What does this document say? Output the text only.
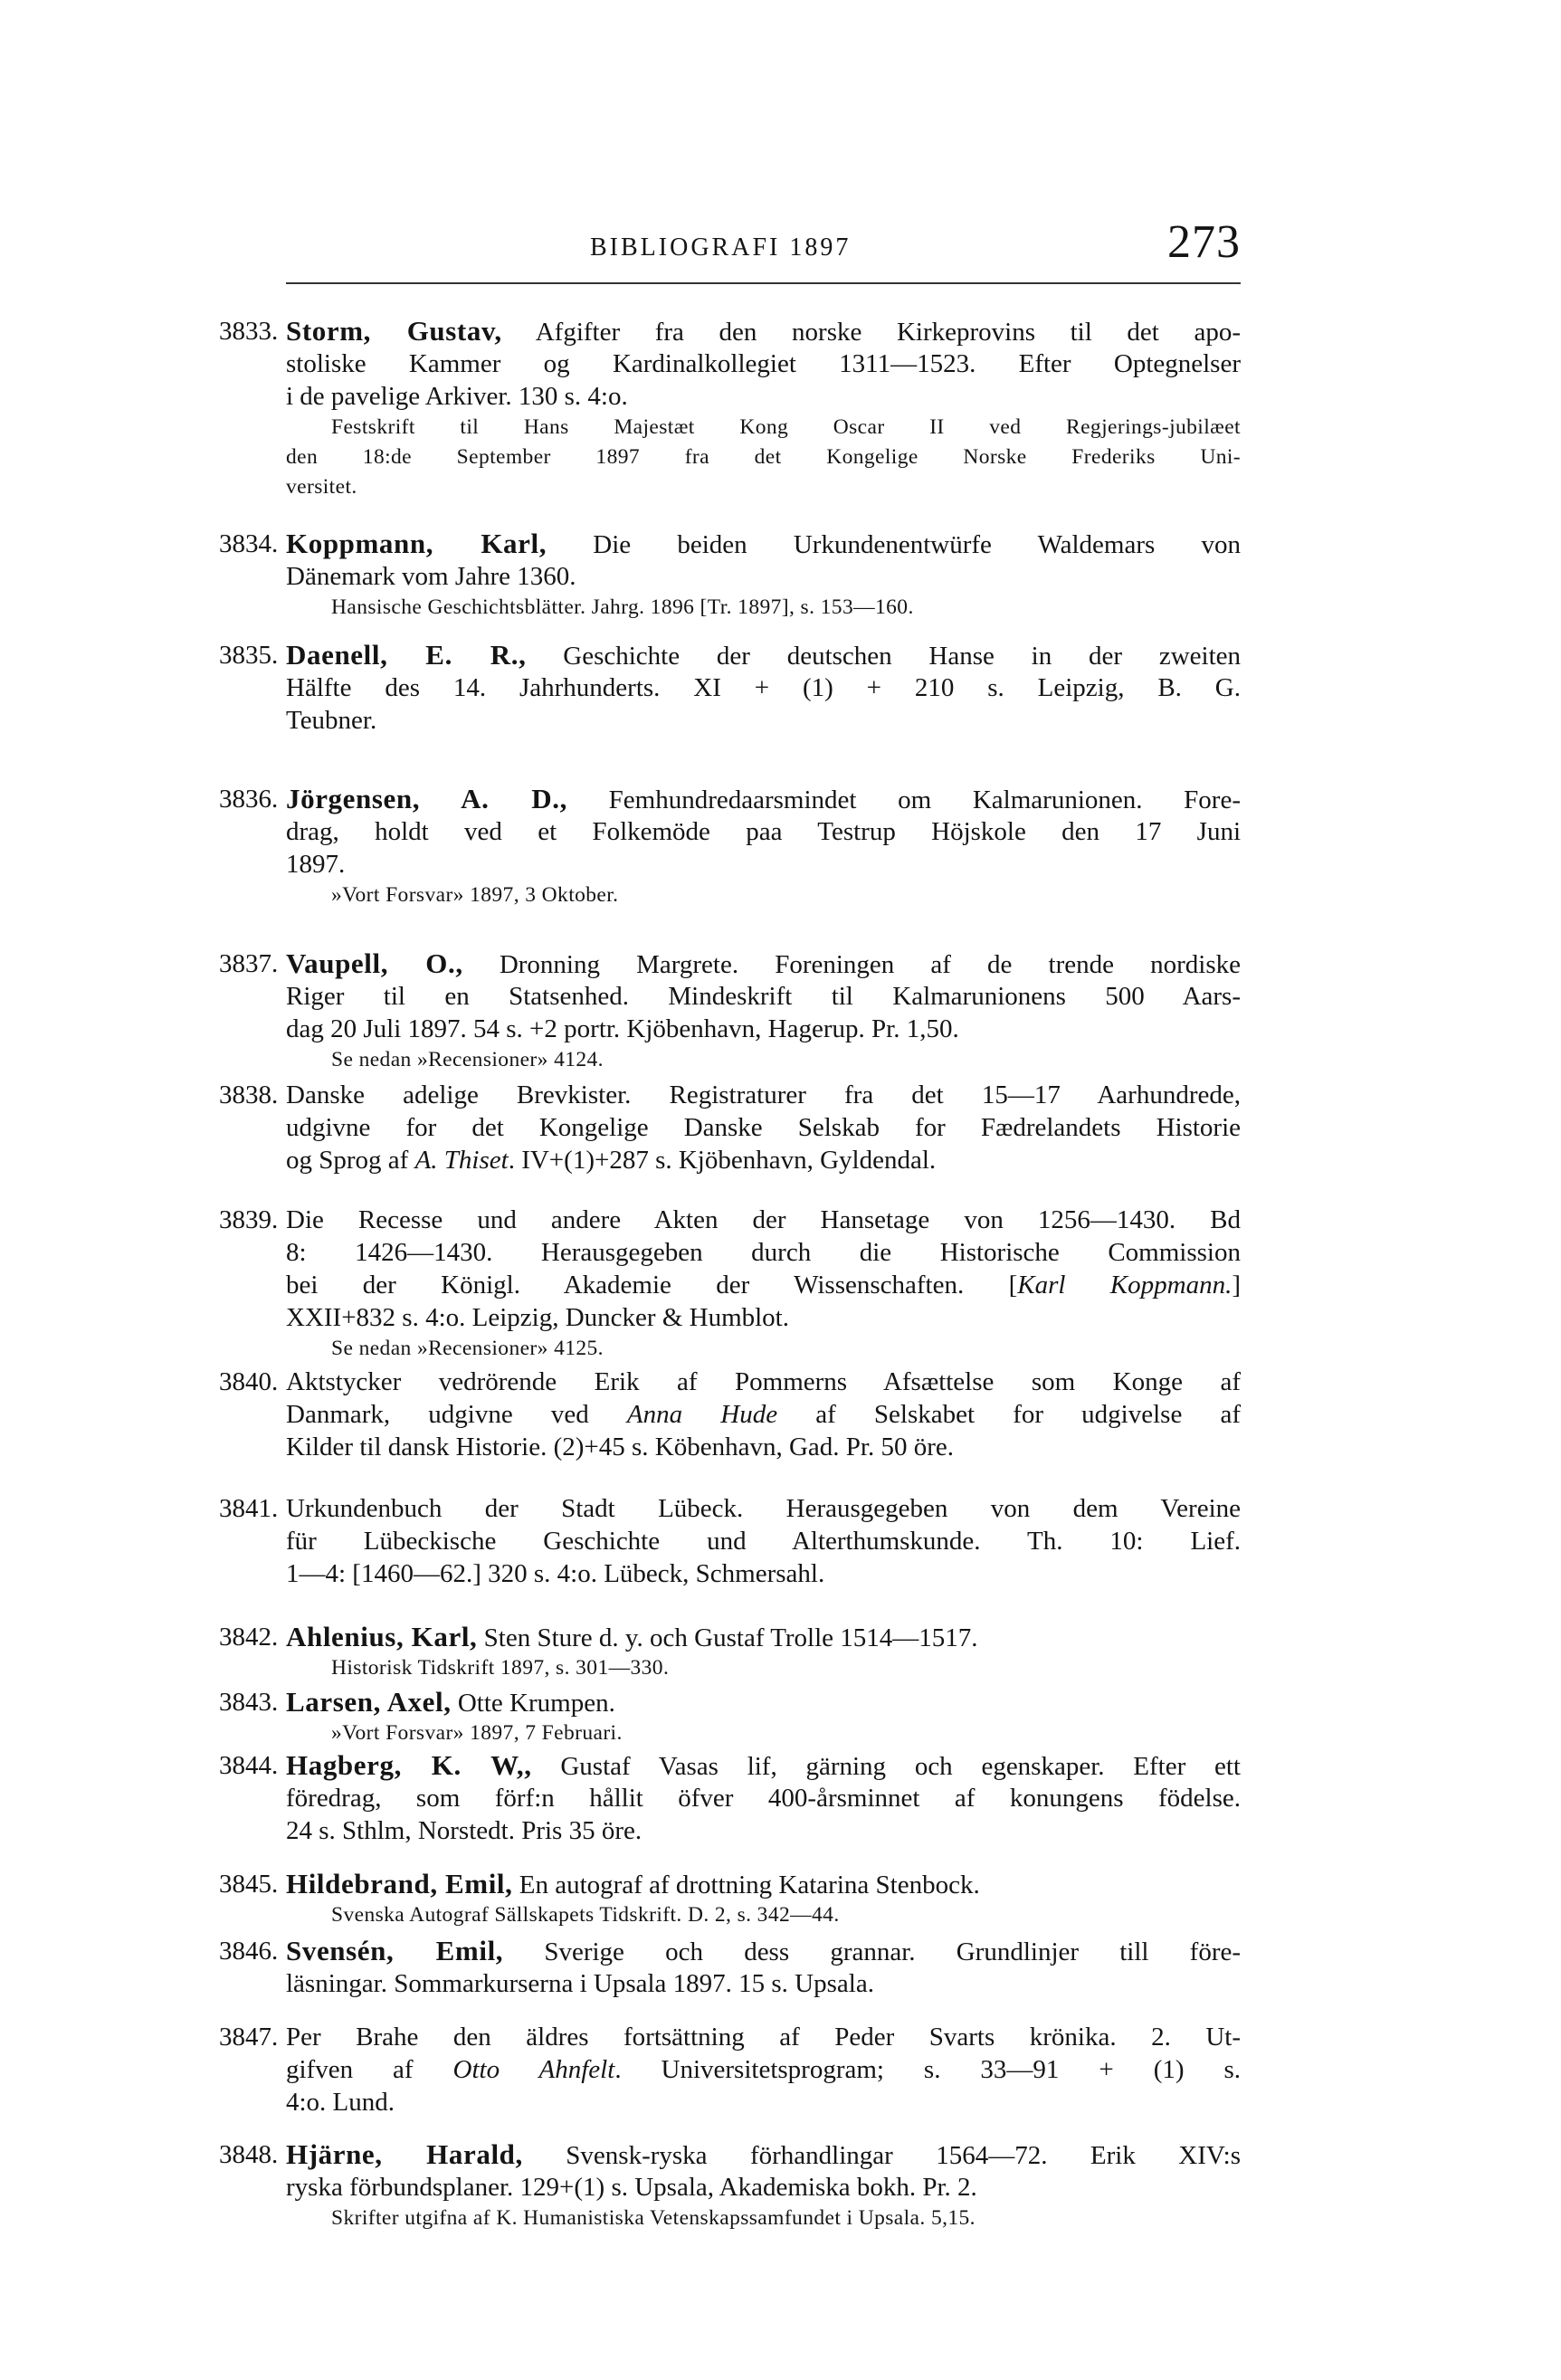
BIBLIOGRAFI 1897	273
3833. Storm, Gustav, Afgifter fra den norske Kirkeprovins til det apo-
stoliske Kammer og Kardinalkollegiet 1311—1523. Efter Optegnelser
i de pavelige Arkiver. 130 s. 4:o.
Festskrift til Hans Majestæt Kong Oscar II ved Regjerings-jubilæet
den 18:de September 1897 fra det Kongelige Norske Frederiks Uni-
versitet.
3834. Koppmann, Karl, Die beiden Urkundenentwürfe Waldemars von
Dänemark vom Jahre 1360.
Hansische Geschichtsblätter. Jahrg. 1896 [Tr. 1897], s. 153—160.
3835. Daenell, E. R., Geschichte der deutschen Hanse in der zweiten
Hälfte des 14. Jahrhunderts. XI + (1) + 210 s. Leipzig, B. G.
Teubner.
3836. Jörgensen, A. D., Femhundredaarsmindet om Kalmarunionen. Fore-
drag, holdt ved et Folkemöde paa Testrup Höjskole den 17 Juni
1897.
»Vort Forsvar» 1897, 3 Oktober.
3837. Vaupell, O., Dronning Margrete. Foreningen af de trende nordiske
Riger til en Statsenhed. Mindeskrift til Kalmarunionens 500 Aars-
dag 20 Juli 1897. 54 s. +2 portr. Kjöbenhavn, Hagerup. Pr. 1,50.
Se nedan »Recensioner» 4124.
3838. Danske adelige Brevkister. Registraturer fra det 15—17 Aarhundrede,
udgivne for det Kongelige Danske Selskab for Fædrelandets Historie
og Sprog af A. Thiset. IV+(1)+287 s. Kjöbenhavn, Gyldendal.
3839. Die Recesse und andere Akten der Hansetage von 1256—1430. Bd
8: 1426—1430. Herausgegeben durch die Historische Commission
bei der Königl. Akademie der Wissenschaften. [Karl Koppmann.]
XXII+832 s. 4:o. Leipzig, Duncker & Humblot.
Se nedan »Recensioner» 4125.
3840. Aktstycker vedrörende Erik af Pommerns Afsættelse som Konge af
Danmark, udgivne ved Anna Hude af Selskabet for udgivelse af
Kilder til dansk Historie. (2)+45 s. Köbenhavn, Gad. Pr. 50 öre.
3841. Urkundenbuch der Stadt Lübeck. Herausgegeben von dem Vereine
für Lübeckische Geschichte und Alterthumskunde. Th. 10: Lief.
1—4: [1460—62.] 320 s. 4:o. Lübeck, Schmersahl.
3842. Ahlenius, Karl, Sten Sture d. y. och Gustaf Trolle 1514—1517.
Historisk Tidskrift 1897, s. 301—330.
3843. Larsen, Axel, Otte Krumpen.
»Vort Forsvar» 1897, 7 Februari.
3844. Hagberg, K. W,, Gustaf Vasas lif, gärning och egenskaper. Efter ett
föredrag, som förf:n hållit öfver 400-årsminnet af konungens födelse.
24 s. Sthlm, Norstedt. Pris 35 öre.
3845. Hildebrand, Emil, En autograf af drottning Katarina Stenbock.
Svenska Autograf Sällskapets Tidskrift. D. 2, s. 342—44.
3846. Svensén, Emil, Sverige och dess grannar. Grundlinjer till före-
läsningar. Sommarkurserna i Upsala 1897. 15 s. Upsala.
3847. Per Brahe den äldres fortsättning af Peder Svarts krönika. 2. Ut-
gifven af Otto Ahnfelt. Universitetsprogram; s. 33—91 + (1) s.
4:o. Lund.
3848. Hjärne, Harald, Svensk-ryska förhandlingar 1564—72. Erik XIV:s
ryska förbundsplaner. 129+(1) s. Upsala, Akademiska bokh. Pr. 2.
Skrifter utgifna af K. Humanistiska Vetenskapssamfundet i Upsala. 5,15.
